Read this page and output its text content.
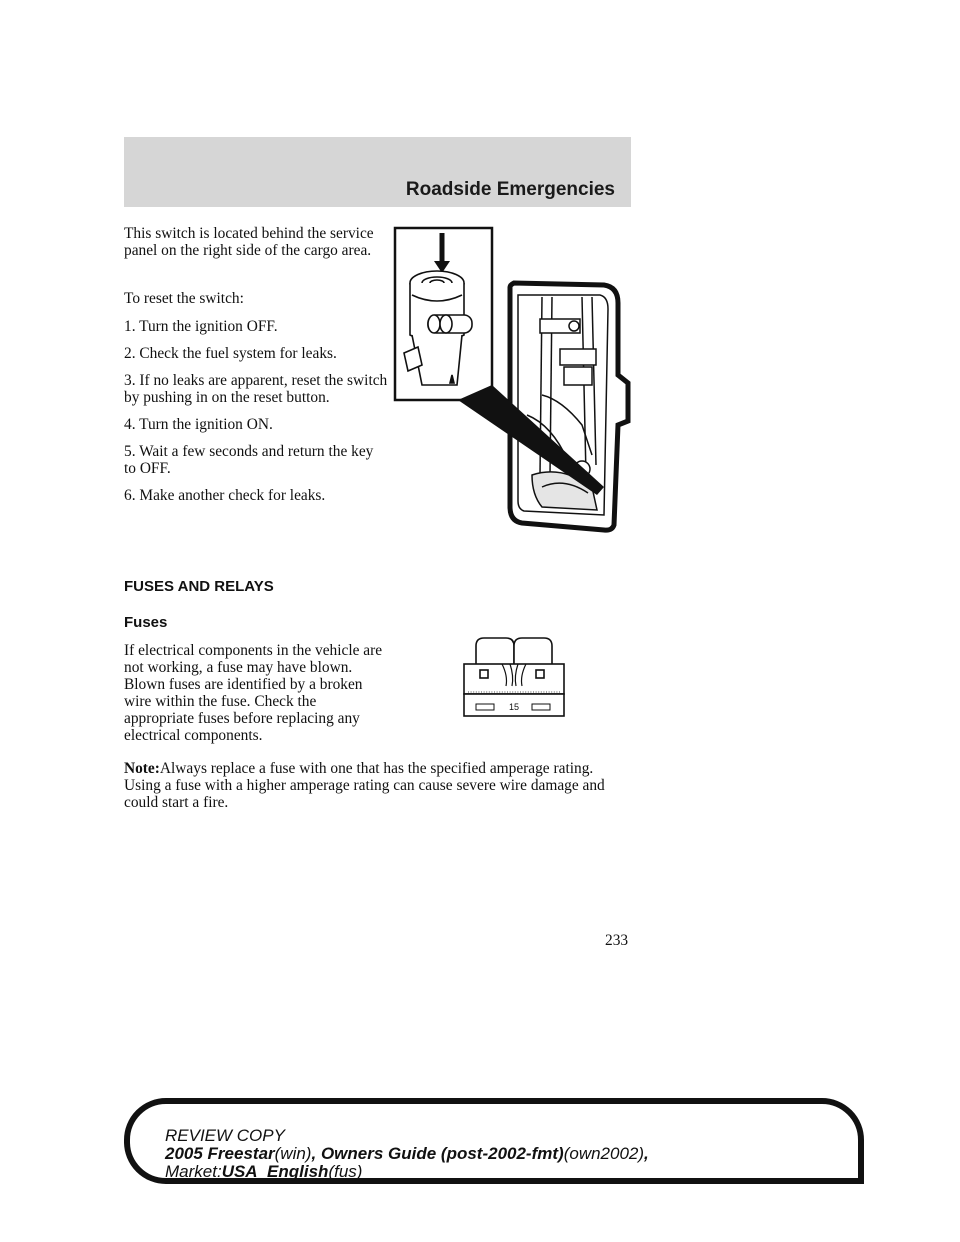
Roadside Emergencies

This switch is located behind the service panel on the right side of the cargo area.

To reset the switch:

1. Turn the ignition OFF.
2. Check the fuel system for leaks.
3. If no leaks are apparent, reset the switch by pushing in on the reset button.
4. Turn the ignition ON.
5. Wait a few seconds and return the key to OFF.
6. Make another check for leaks.
FUSES AND RELAYS
Fuses

If electrical components in the vehicle are not working, a fuse may have blown. Blown fuses are identified by a broken wire within the fuse. Check the appropriate fuses before replacing any electrical components.

15

Note:Always replace a fuse with one that has the specified amperage rating. Using a fuse with a higher amperage rating can cause severe wire damage and could start a fire.

233
REVIEW COPY
2005 Freestar(win), Owners Guide (post-2002-fmt)(own2002),
Market:USA_English(fus)
